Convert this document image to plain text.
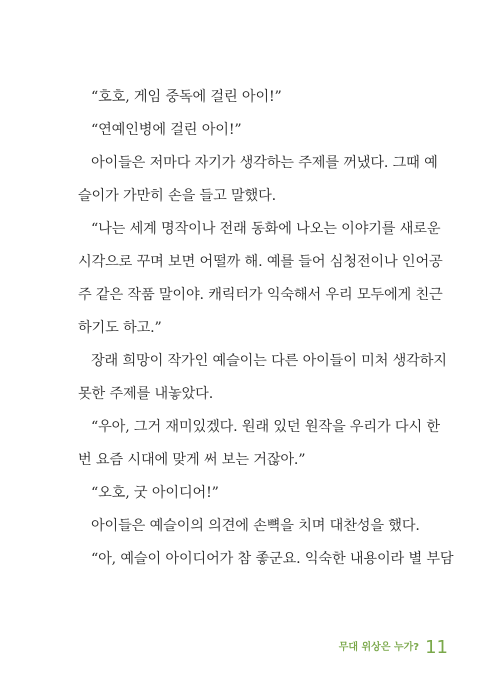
“호호, 게임 중독에 걸린 아이!”
“연예인병에 걸린 아이!”
아이들은 저마다 자기가 생각하는 주제를 꺼냈다. 그때 예
슬이가 가만히 손을 들고 말했다.
“나는 세계 명작이나 전래 동화에 나오는 이야기를 새로운
시각으로 꾸며 보면 어떨까 해. 예를 들어 심청전이나 인어공
주 같은 작품 말이야. 캐릭터가 익숙해서 우리 모두에게 친근
하기도 하고.”
장래 희망이 작가인 예슬이는 다른 아이들이 미처 생각하지
못한 주제를 내놓았다.
“우아, 그거 재미있겠다. 원래 있던 원작을 우리가 다시 한
번 요즘 시대에 맞게 써 보는 거잖아.”
“오호, 굿 아이디어!”
아이들은 예슬이의 의견에 손뼉을 치며 대찬성을 했다.
“아, 예슬이 아이디어가 참 좋군요. 익숙한 내용이라 별 부담
무대 위상은 누가? 11
